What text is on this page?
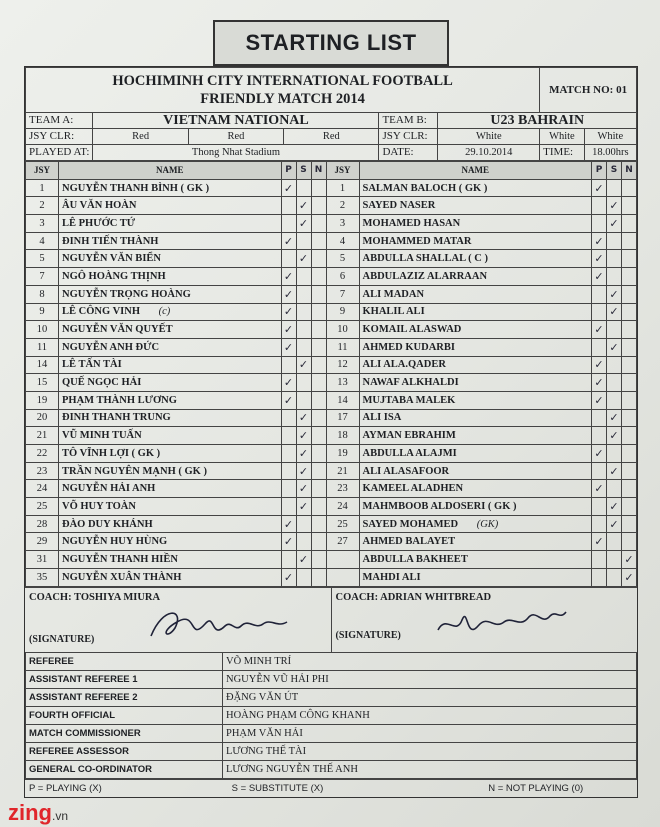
STARTING LIST
HOCHIMINH CITY INTERNATIONAL FOOTBALL
FRIENDLY MATCH 2014						MATCH NO: 01	
TEAM A:	VIETNAM NATIONAL			TEAM B:	U23 BAHRAIN		
JSY CLR:	Red	Red	Red	JSY CLR:	White	White	White
PLAYED AT:	Thong Nhat Stadium			DATE:	29.10.2014	TIME:	18.00hrs
JSY	NAME	P	S	N	JSY	NAME	P	S	N
1	NGUYỄN THANH BÌNH ( GK )	✓			1	SALMAN BALOCH ( GK )	✓		
2	ÂU VĂN HOÀN		✓		2	SAYED NASER		✓	
3	LÊ PHƯỚC TỨ		✓		3	MOHAMED HASAN		✓	
4	ĐINH TIẾN THÀNH	✓			4	MOHAMMED MATAR	✓		
5	NGUYỄN VĂN BIỂN		✓		5	ABDULLA SHALLAL ( C )	✓		
7	NGÔ HOÀNG THỊNH	✓			6	ABDULAZIZ ALARRAAN	✓		
8	NGUYỄN TRỌNG HOÀNG	✓			7	ALI MADAN		✓	
9	LÊ CÔNG VINH (c)	✓			9	KHALIL ALI		✓	
10	NGUYỄN VĂN QUYẾT	✓			10	KOMAIL ALASWAD	✓		
11	NGUYỄN ANH ĐỨC	✓			11	AHMED KUDARBI		✓	
14	LÊ TẤN TÀI		✓		12	ALI ALA.QADER	✓		
15	QUẾ NGỌC HẢI	✓			13	NAWAF ALKHALDI	✓		
19	PHẠM THÀNH LƯƠNG	✓			14	MUJTABA MALEK	✓		
20	ĐINH THANH TRUNG		✓		17	ALI ISA		✓	
21	VŨ MINH TUẤN		✓		18	AYMAN EBRAHIM		✓	
22	TÔ VĨNH LỢI ( GK )		✓		19	ABDULLA ALAJMI	✓		
23	TRẦN NGUYÊN MẠNH ( GK )		✓		21	ALI ALASAFOOR		✓	
24	NGUYỄN HẢI ANH		✓		23	KAMEEL ALADHEN	✓		
25	VÕ HUY TOÀN		✓		24	MAHMBOOB ALDOSERI ( GK )		✓	
28	ĐÀO DUY KHÁNH	✓			25	SAYED MOHAMED (GK)		✓	
29	NGUYỄN HUY HÙNG	✓			27	AHMED BALAYET	✓		
31	NGUYỄN THANH HIỀN		✓			ABDULLA BAKHEET			✓
35	NGUYỄN XUÂN THÀNH	✓				MAHDI ALI			✓
COACH: TOSHIYA MIURA
(SIGNATURE)
COACH: ADRIAN WHITBREAD
(SIGNATURE)
REFEREE	VÕ MINH TRÍ
ASSISTANT REFEREE 1	NGUYỄN VŨ HẢI PHI
ASSISTANT REFEREE 2	ĐẶNG VĂN ÚT
FOURTH OFFICIAL	HOÀNG PHẠM CÔNG KHANH
MATCH COMMISSIONER	PHẠM VĂN HẢI
REFEREE ASSESSOR	LƯƠNG THẾ TÀI
GENERAL CO-ORDINATOR	LƯƠNG NGUYỄN THẾ ANH
P = PLAYING (X)	S = SUBSTITUTE (X)	N = NOT PLAYING (0)
zing.vn
